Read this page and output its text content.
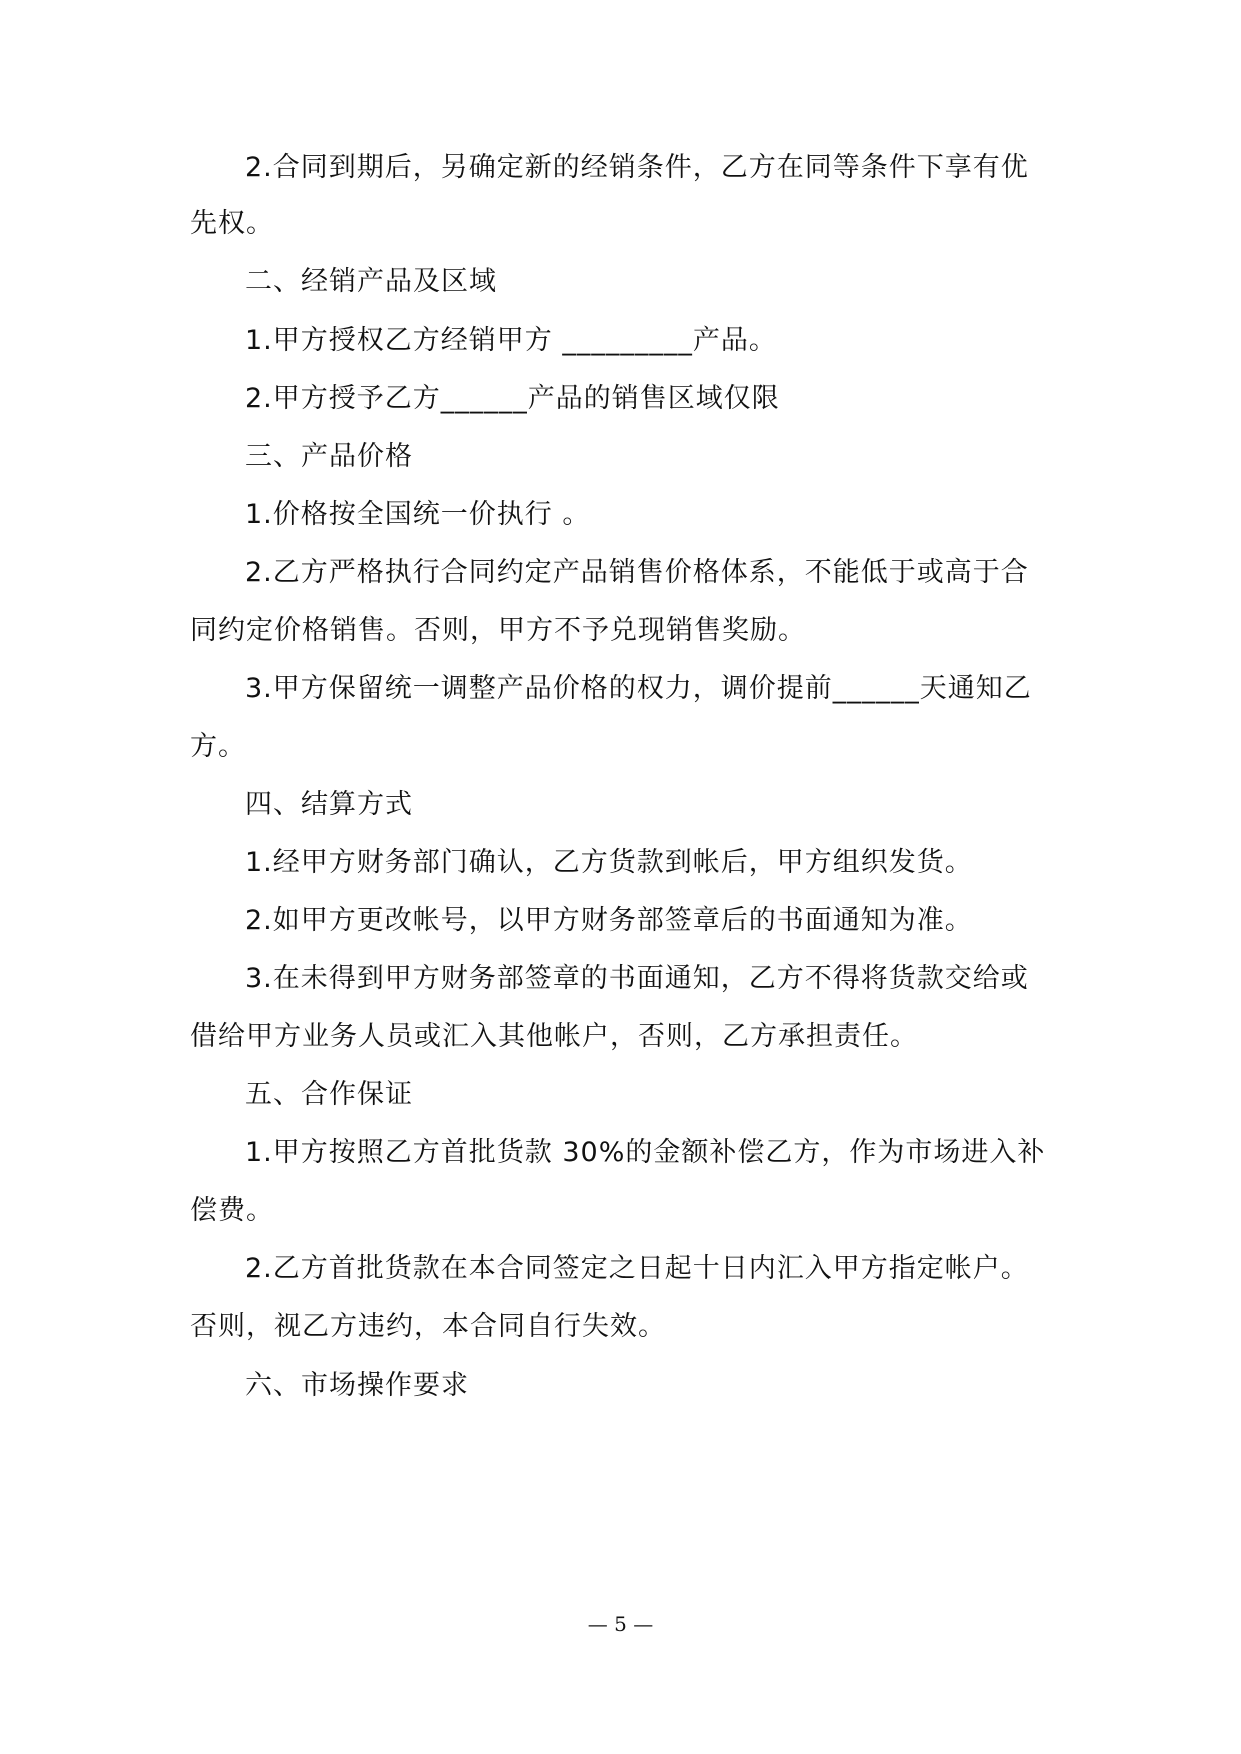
2.合同到期后，另确定新的经销条件，乙方在同等条件下享有优
先权。
二、经销产品及区域
1.甲方授权乙方经销甲方 _________产品。
2.甲方授予乙方______产品的销售区域仅限
三、产品价格
1.价格按全国统一价执行 。
2.乙方严格执行合同约定产品销售价格体系，不能低于或高于合
同约定价格销售。否则，甲方不予兑现销售奖励。
3.甲方保留统一调整产品价格的权力，调价提前______天通知乙
方。
四、结算方式
1.经甲方财务部门确认，乙方货款到帐后，甲方组织发货。
2.如甲方更改帐号，以甲方财务部签章后的书面通知为准。
3.在未得到甲方财务部签章的书面通知，乙方不得将货款交给或
借给甲方业务人员或汇入其他帐户，否则，乙方承担责任。
五、合作保证
1.甲方按照乙方首批货款 30%的金额补偿乙方，作为市场进入补
偿费。
2.乙方首批货款在本合同签定之日起十日内汇入甲方指定帐户。
否则，视乙方违约，本合同自行失效。
六、市场操作要求
— 5 —
